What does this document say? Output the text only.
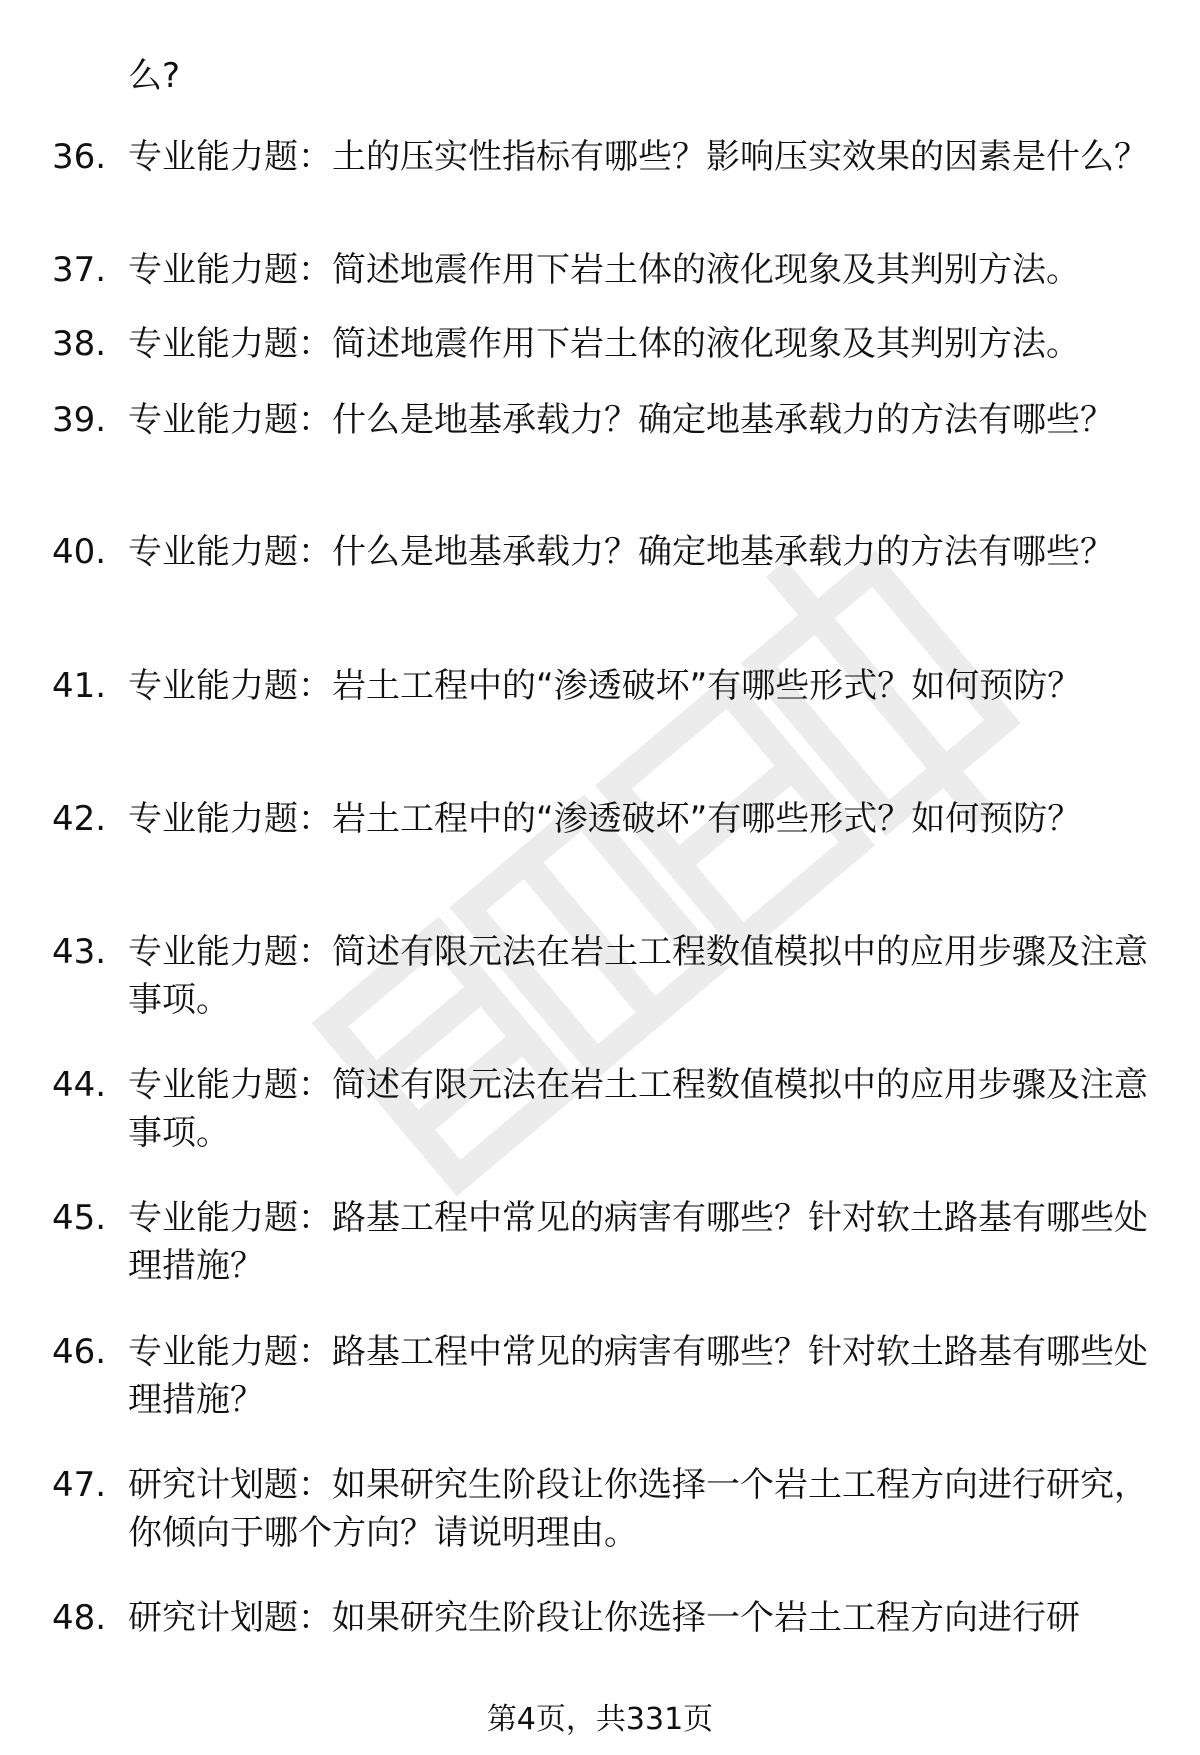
么?

36. 专业能力题：土的压实性指标有哪些？影响压实效果的因素是什么？
37. 专业能力题：简述地震作用下岩土体的液化现象及其判别方法。
38. 专业能力题：简述地震作用下岩土体的液化现象及其判别方法。
39. 专业能力题：什么是地基承载力？确定地基承载力的方法有哪些？
40. 专业能力题：什么是地基承载力？确定地基承载力的方法有哪些？
41. 专业能力题：岩土工程中的“渗透破坏”有哪些形式？如何预防？
42. 专业能力题：岩土工程中的“渗透破坏”有哪些形式？如何预防？
43. 专业能力题：简述有限元法在岩土工程数值模拟中的应用步骤及注意事项。
44. 专业能力题：简述有限元法在岩土工程数值模拟中的应用步骤及注意事项。
45. 专业能力题：路基工程中常见的病害有哪些？针对软土路基有哪些处理措施？
46. 专业能力题：路基工程中常见的病害有哪些？针对软土路基有哪些处理措施？
47. 研究计划题：如果研究生阶段让你选择一个岩土工程方向进行研究，你倾向于哪个方向？请说明理由。
48. 研究计划题：如果研究生阶段让你选择一个岩土工程方向进行研
第4页，共331页
